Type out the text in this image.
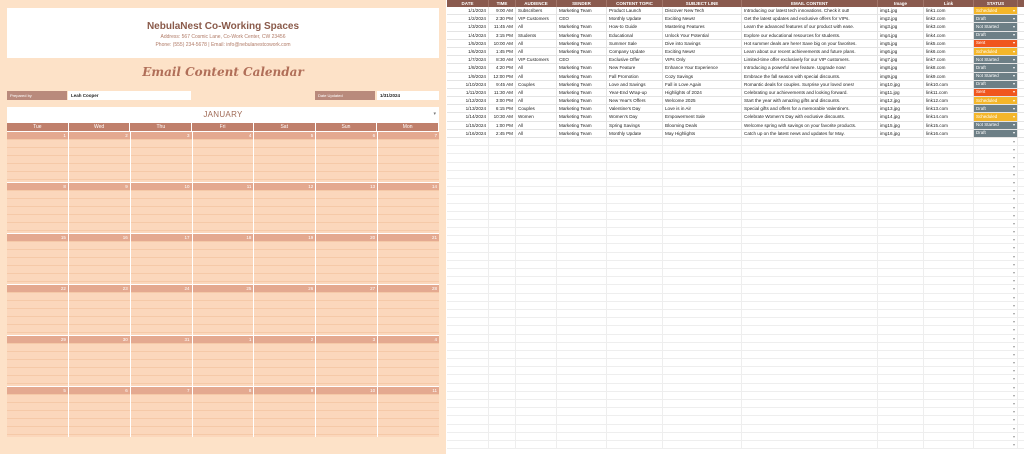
NebulaNest Co-Working Spaces
Address: 567 Cosmic Lane, Co-Work Center, CW 23456
Phone: (555) 234-5678 | Email: info@nebulanestcowork.com
Email Content Calendar
Prepared by	Leah Cooper	Date Updated	1/31/2024
JANUARY	▾
Tue	Wed	Thu	Fri	Sat	Sun	Mon
1	2	3	4	5	6	7
8	9	10	11	12	13	14
15	16	17	18	19	20	21
22	23	24	25	26	27	28
29	30	31	1	2	3	4
5	6	7	8	9	10	11
DATE	TIME	AUDIENCE	SENDER	CONTENT TOPIC	SUBJECT LINE	EMAIL CONTENT	Image	Link	STATUS
1/1/2024	9:00 AM	Subscribers	Marketing Team	Product Launch	Discover New Tech	Introducing our latest tech innovations. Check it out!	img1.jpg	link1.com	Scheduled	▾
1/2/2024	2:30 PM	VIP Customers	CEO	Monthly Update	Exciting News!	Get the latest updates and exclusive offers for VIPs.	img2.jpg	link2.com	Draft	▾
1/3/2024	11:45 AM	All	Marketing Team	How-to Guide	Mastering Features	Learn the advanced features of our product with ease.	img3.jpg	link3.com	Not Started	▾
1/4/2024	3:15 PM	Students	Marketing Team	Educational	Unlock Your Potential	Explore our educational resources for students.	img4.jpg	link4.com	Draft	▾
1/5/2024	10:00 AM	All	Marketing Team	Summer Sale	Dive into Savings	Hot summer deals are here! Save big on your favorites.	img5.jpg	link5.com	Sent	▾
1/6/2024	1:45 PM	All	Marketing Team	Company Update	Exciting News!	Learn about our recent achievements and future plans.	img6.jpg	link6.com	Scheduled	▾
1/7/2024	8:30 AM	VIP Customers	CEO	Exclusive Offer	VIPs Only	Limited-time offer exclusively for our VIP customers.	img7.jpg	link7.com	Not Started	▾
1/8/2024	4:20 PM	All	Marketing Team	New Feature	Enhance Your Experience	Introducing a powerful new feature. Upgrade now!	img8.jpg	link8.com	Draft	▾
1/9/2024	12:00 PM	All	Marketing Team	Fall Promotion	Cozy Savings	Embrace the fall season with special discounts.	img9.jpg	link9.com	Not Started	▾
1/10/2024	9:45 AM	Couples	Marketing Team	Love and Savings	Fall in Love Again	Romantic deals for couples. Surprise your loved ones!	img10.jpg	link10.com	Draft	▾
1/11/2024	11:30 AM	All	Marketing Team	Year-End Wrap-up	Highlights of 2024	Celebrating our achievements and looking forward.	img11.jpg	link11.com	Sent	▾
1/12/2024	3:00 PM	All	Marketing Team	New Year's Offers	Welcome 2025	Start the year with amazing gifts and discounts.	img12.jpg	link12.com	Scheduled	▾
1/13/2024	6:15 PM	Couples	Marketing Team	Valentine's Day	Love is in Air	Special gifts and offers for a memorable Valentine's.	img13.jpg	link13.com	Draft	▾
1/14/2024	10:30 AM	Women	Marketing Team	Women's Day	Empowerment Sale	Celebrate Women's Day with exclusive discounts.	img14.jpg	link14.com	Scheduled	▾
1/15/2024	1:00 PM	All	Marketing Team	Spring Savings	Blooming Deals	Welcome spring with savings on your favorite products.	img15.jpg	link15.com	Not Started	▾
1/16/2024	2:45 PM	All	Marketing Team	Monthly Update	May Highlights	Catch up on the latest news and updates for May.	img16.jpg	link16.com	Draft	▾
▾
▾
▾
▾
▾
▾
▾
▾
▾
▾
▾
▾
▾
▾
▾
▾
▾
▾
▾
▾
▾
▾
▾
▾
▾
▾
▾
▾
▾
▾
▾
▾
▾
▾
▾
▾
▾
▾
